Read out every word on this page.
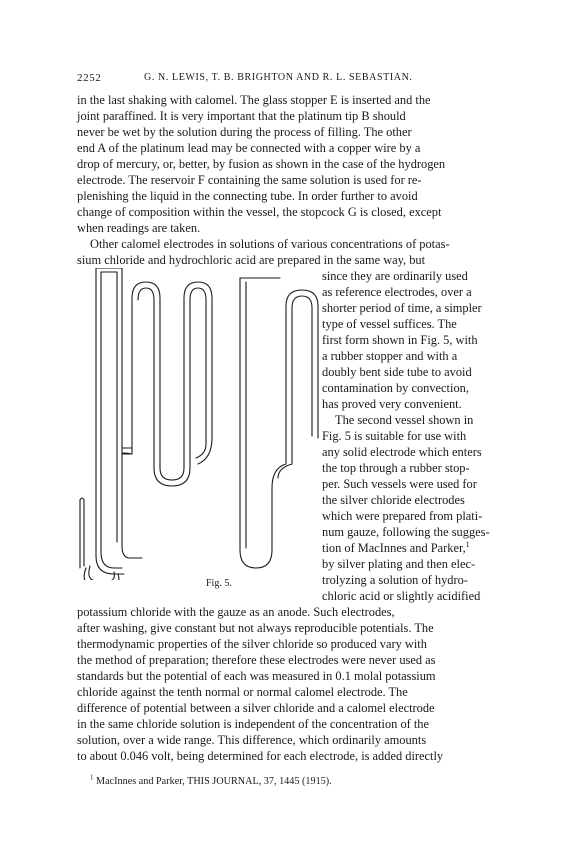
2252	G. N. LEWIS, T. B. BRIGHTON AND R. L. SEBASTIAN.
in the last shaking with calomel. The glass stopper E is inserted and the
joint paraffined. It is very important that the platinum tip B should
never be wet by the solution during the process of filling. The other
end A of the platinum lead may be connected with a copper wire by a
drop of mercury, or, better, by fusion as shown in the case of the hydrogen
electrode. The reservoir F containing the same solution is used for re-
plenishing the liquid in the connecting tube. In order further to avoid
change of composition within the vessel, the stopcock G is closed, except
when readings are taken.
Other calomel electrodes in solutions of various concentrations of potas-
sium chloride and hydrochloric acid are prepared in the same way, but
since they are ordinarily used
as reference electrodes, over a
shorter period of time, a simpler
type of vessel suffices. The
first form shown in Fig. 5, with
a rubber stopper and with a
doubly bent side tube to avoid
contamination by convection,
has proved very convenient.
The second vessel shown in
Fig. 5 is suitable for use with
any solid electrode which enters
the top through a rubber stop-
per. Such vessels were used for
the silver chloride electrodes
which were prepared from plati-
num gauze, following the sugges-
tion of MacInnes and Parker,$^1$
by silver plating and then elec-
trolyzing a solution of hydro-
chloric acid or slightly acidified
Fig. 5.
potassium chloride with the gauze as an anode. Such electrodes,
after washing, give constant but not always reproducible potentials. The
thermodynamic properties of the silver chloride so produced vary with
the method of preparation; therefore these electrodes were never used as
standards but the potential of each was measured in 0.1 molal potassium
chloride against the tenth normal or normal calomel electrode. The
difference of potential between a silver chloride and a calomel electrode
in the same chloride solution is independent of the concentration of the
solution, over a wide range. This difference, which ordinarily amounts
to about 0.046 volt, being determined for each electrode, is added directly
$^1$ MacInnes and Parker, THIS JOURNAL, 37, 1445 (1915).
